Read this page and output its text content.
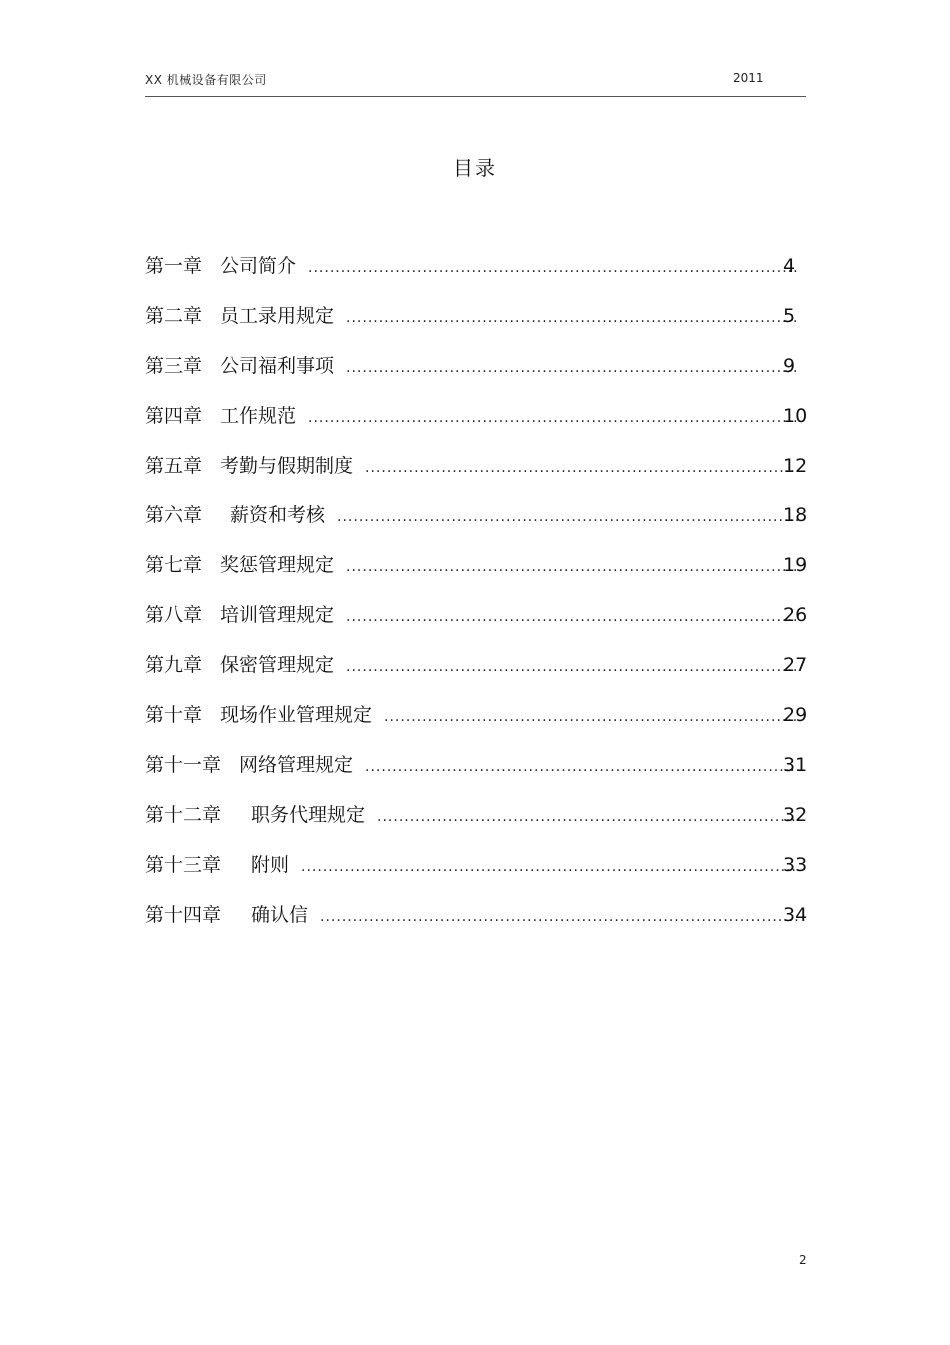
XX 机械设备有限公司	2011
目录
第一章 公司简介 .....	4
第二章 员工录用规定 .....	5
第三章 公司福利事项 .....	9
第四章 工作规范 .....	10
第五章 考勤与假期制度 .....	12
第六章 薪资和考核 .....	18
第七章 奖惩管理规定 .....	19
第八章 培训管理规定 .....	26
第九章 保密管理规定 .....	27
第十章 现场作业管理规定 .....	29
第十一章 网络管理规定 .....	31
第十二章 职务代理规定 .....	32
第十三章 附则 .....	33
第十四章 确认信 .....	34
2
